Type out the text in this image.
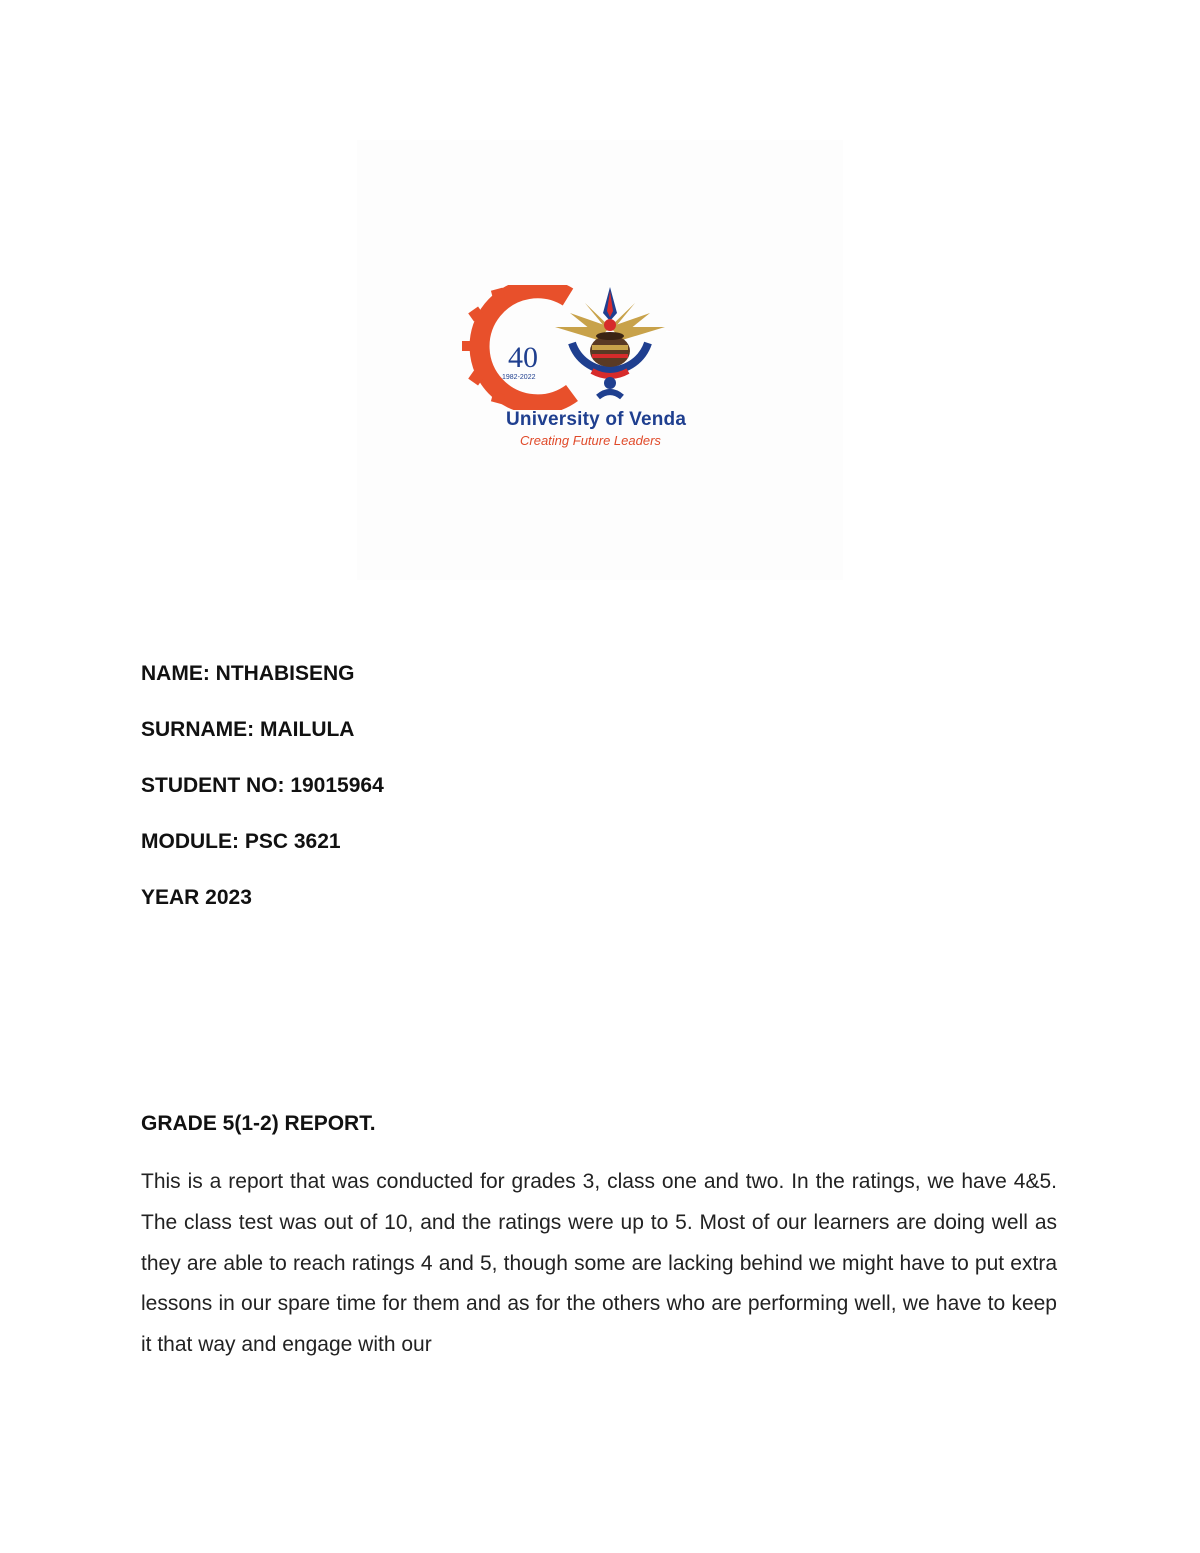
40
1982-2022
University of Venda
Creating Future Leaders
NAME: NTHABISENG
SURNAME: MAILULA
STUDENT NO: 19015964
MODULE: PSC 3621
YEAR 2023
GRADE 5(1-2) REPORT.

This is a report that was conducted for grades 3, class one and two. In the ratings, we have 4&5. The class test was out of 10, and the ratings were up to 5. Most of our learners are doing well as they are able to reach ratings 4 and 5, though some are lacking behind we might have to put extra lessons in our spare time for them and as for the others who are performing well, we have to keep it that way and engage with our
